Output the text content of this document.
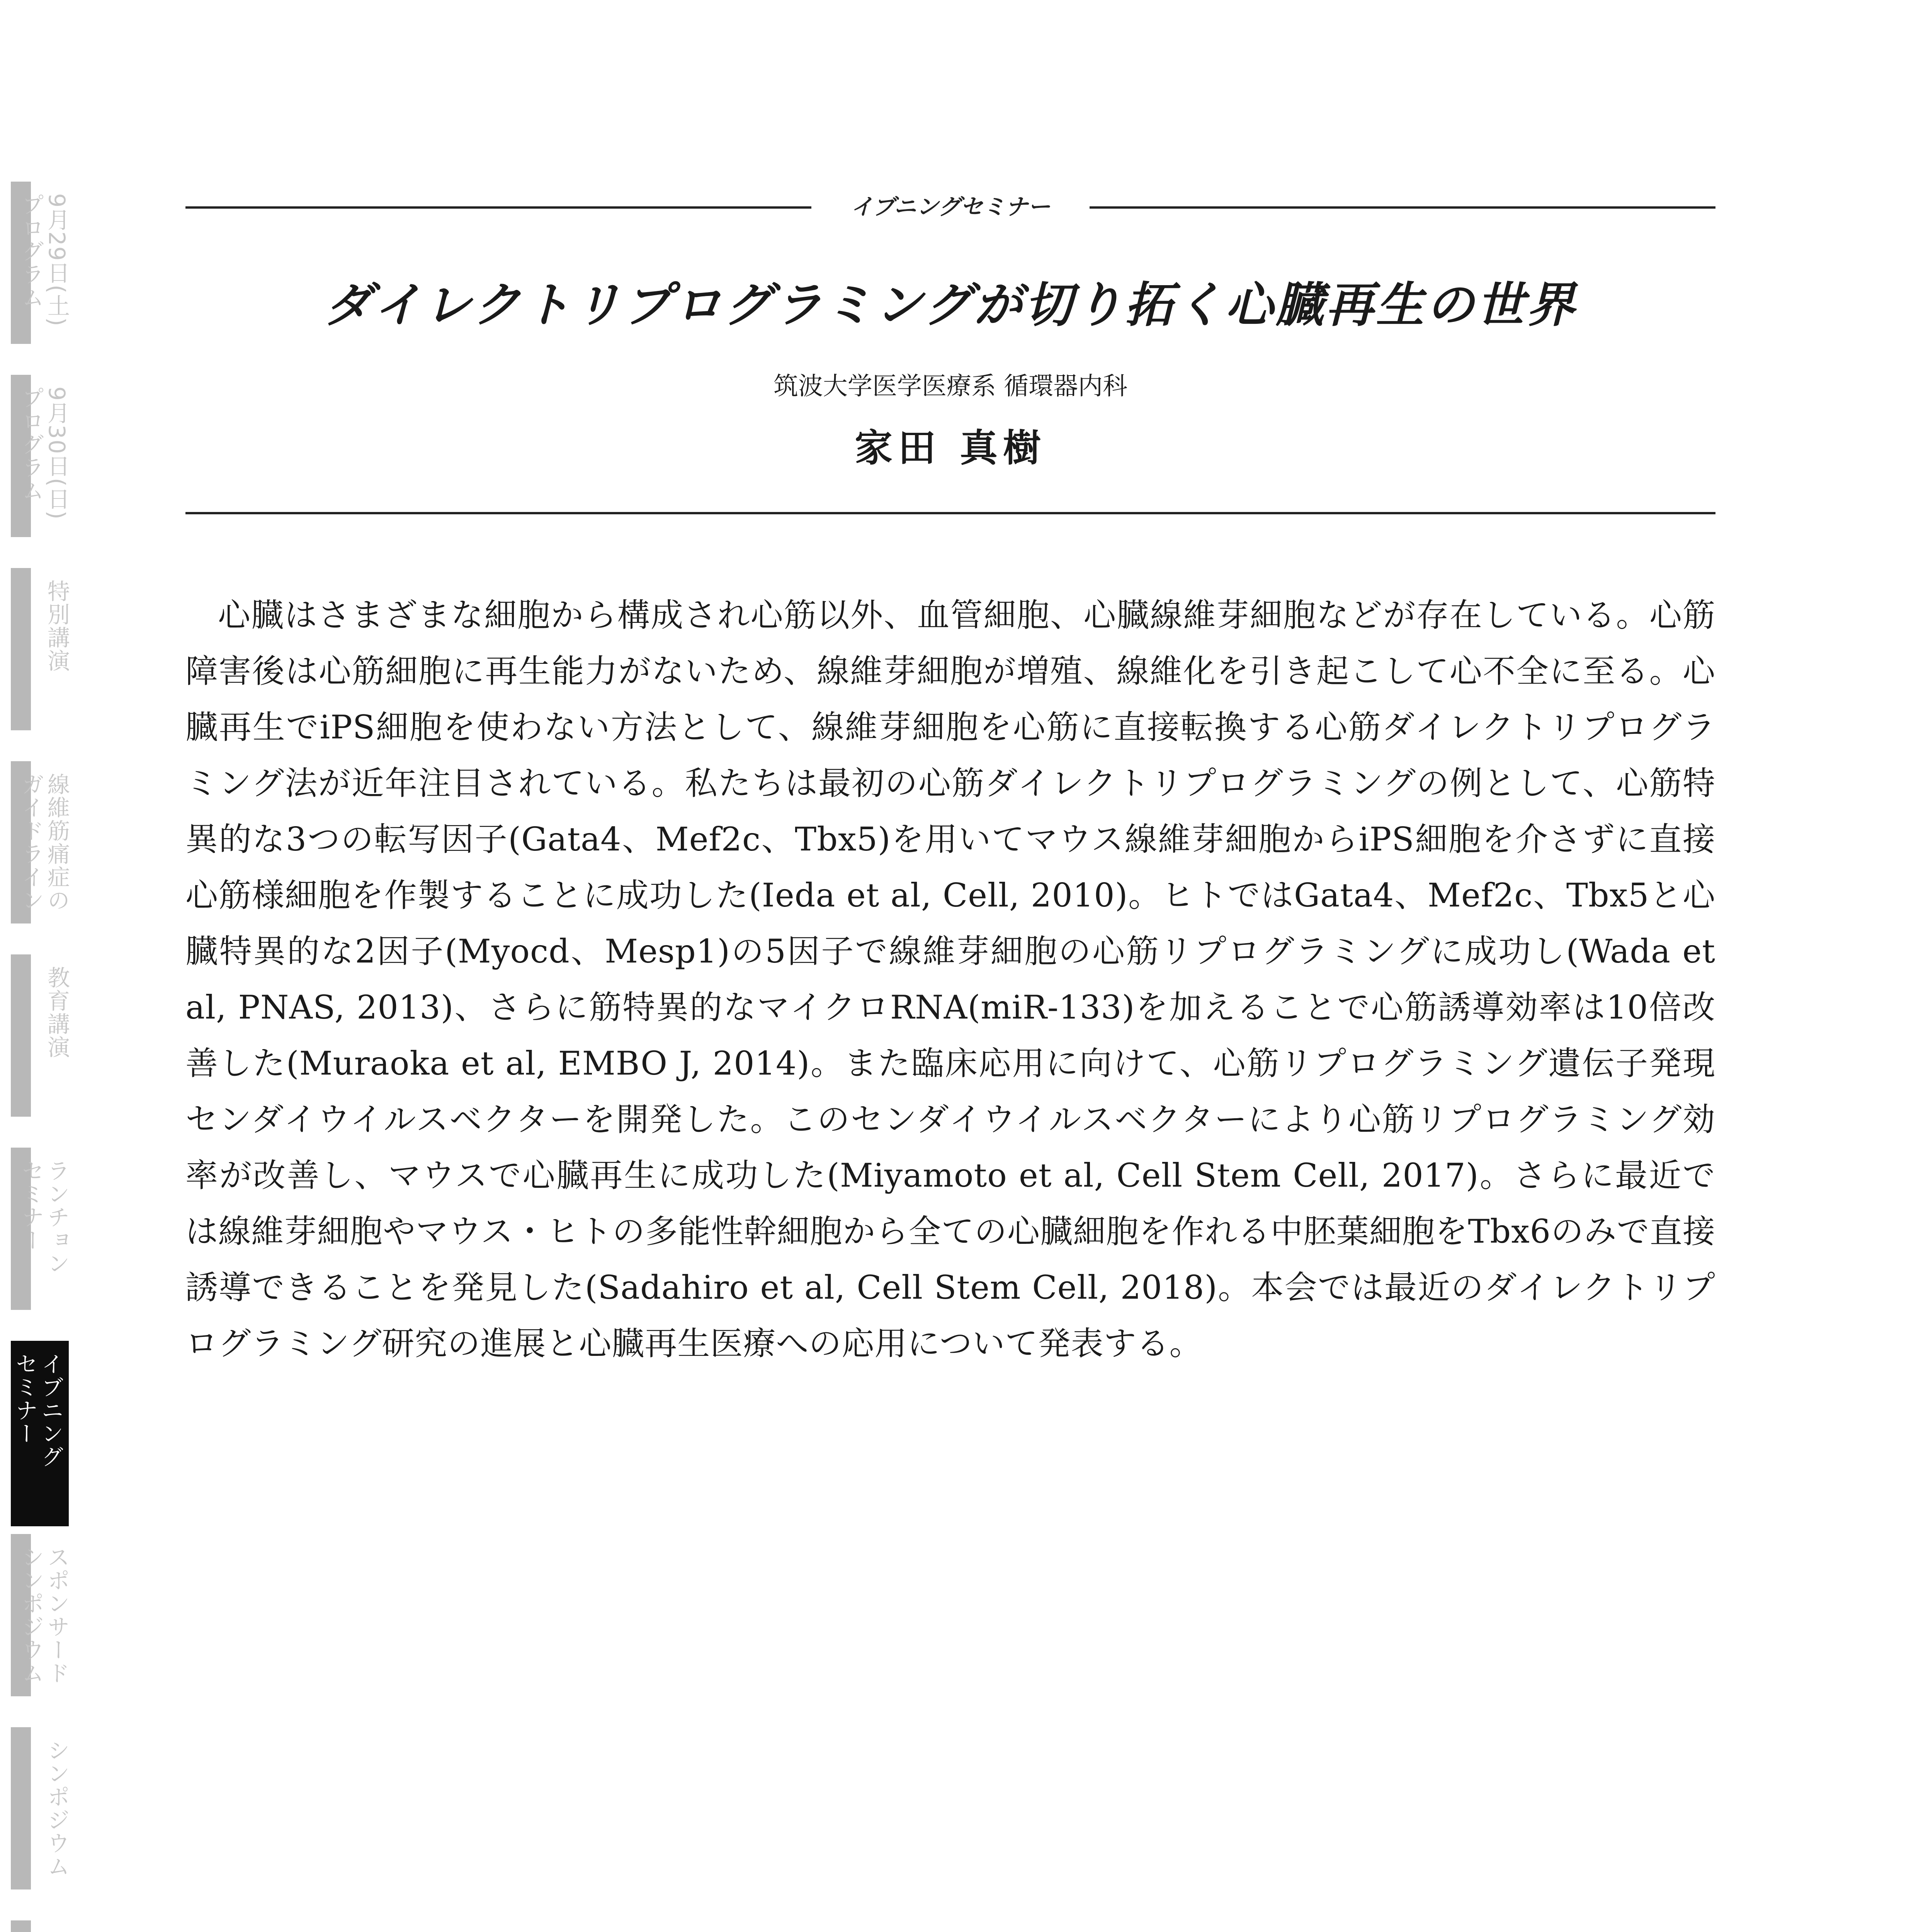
9月29日(土)
プログラム
9月30日(日)
プログラム
特別講演
線維筋痛症の
ガイドライン
教育講演
ランチョン
セミナー
イブニング
セミナー
スポンサード
シンポジウム
シンポジウム
イブニングセミナー
ダイレクトリプログラミングが切り拓く心臓再生の世界
筑波大学医学医療系 循環器内科
家田 真樹

心臓はさまざまな細胞から構成され心筋以外、血管細胞、心臓線維芽細胞などが存在している。心筋障害後は心筋細胞に再生能力がないため、線維芽細胞が増殖、線維化を引き起こして心不全に至る。心臓再生でiPS細胞を使わない方法として、線維芽細胞を心筋に直接転換する心筋ダイレクトリプログラミング法が近年注目されている。私たちは最初の心筋ダイレクトリプログラミングの例として、心筋特異的な3つの転写因子(Gata4、Mef2c、Tbx5)を用いてマウス線維芽細胞からiPS細胞を介さずに直接心筋様細胞を作製することに成功した(Ieda et al, Cell, 2010)。ヒトではGata4、Mef2c、Tbx5と心臓特異的な2因子(Myocd、Mesp1)の5因子で線維芽細胞の心筋リプログラミングに成功し(Wada et al, PNAS, 2013)、さらに筋特異的なマイクロRNA(miR-133)を加えることで心筋誘導効率は10倍改善した(Muraoka et al, EMBO J, 2014)。また臨床応用に向けて、心筋リプログラミング遺伝子発現センダイウイルスベクターを開発した。このセンダイウイルスベクターにより心筋リプログラミング効率が改善し、マウスで心臓再生に成功した(Miyamoto et al, Cell Stem Cell, 2017)。さらに最近では線維芽細胞やマウス・ヒトの多能性幹細胞から全ての心臓細胞を作れる中胚葉細胞をTbx6のみで直接誘導できることを発見した(Sadahiro et al, Cell Stem Cell, 2018)。本会では最近のダイレクトリプログラミング研究の進展と心臓再生医療への応用について発表する。
